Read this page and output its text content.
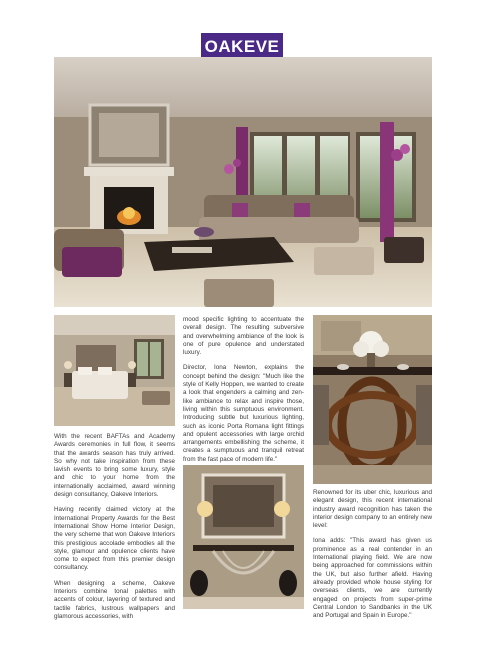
OAKEVE

With the recent BAFTAs and Academy Awards ceremonies in full flow, it seems that the awards season has truly arrived. So why not take inspiration from these lavish events to bring some luxury, style and chic to your home from the internationally acclaimed, award winning design consultancy, Oakeve Interiors.

Having recently claimed victory at the International Property Awards for the Best International Show Home Interior Design, the very scheme that won Oakeve Interiors this prestigious accolade embodies all the style, glamour and opulence clients have come to expect from this premier design consultancy.

When designing a scheme, Oakeve Interiors combine tonal palettes with accents of colour, layering of textured and tactile fabrics, lustrous wallpapers and glamorous accessories, with

mood specific lighting to accentuate the overall design. The resulting subversive and overwhelming ambiance of the look is one of pure opulence and understated luxury.

Director, Iona Newton, explains the concept behind the design: "Much like the style of Kelly Hoppen, we wanted to create a look that engenders a calming and zen-like ambiance to relax and inspire those, living within this sumptuous environment. Introducing subtle but luxurious lighting, such as iconic Porta Romana light fittings and opulent accessories with large orchid arrangements embellishing the scheme, it creates a sumptuous and tranquil retreat from the fast pace of modern life."

Renowned for its uber chic, luxurious and elegant design, this recent international industry award recognition has taken the interior design company to an entirely new level:

Iona adds: "This award has given us prominence as a real contender in an International playing field. We are now being approached for commissions within the UK, but also further afield. Having already provided whole house styling for overseas clients, we are currently engaged on projects from super-prime Central London to Sandbanks in the UK and Portugal and Spain in Europe."
